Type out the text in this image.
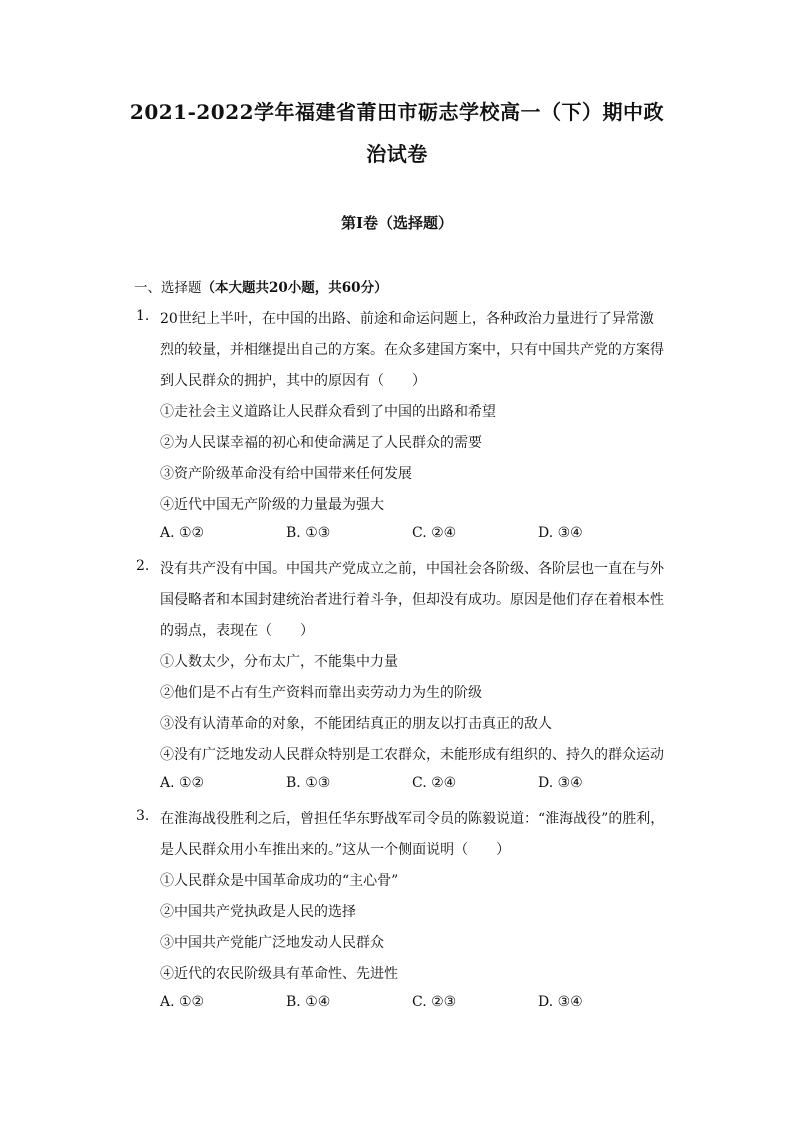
2021-2022学年福建省莆田市砺志学校高一（下）期中政
治试卷
第I卷（选择题）
一、选择题（本大题共20小题，共60分）
1. 20世纪上半叶，在中国的出路、前途和命运问题上，各种政治力量进行了异常激
烈的较量，并相继提出自己的方案。在众多建国方案中，只有中国共产党的方案得
到人民群众的拥护，其中的原因有（　　）
①走社会主义道路让人民群众看到了中国的出路和希望
②为人民谋幸福的初心和使命满足了人民群众的需要
③资产阶级革命没有给中国带来任何发展
④近代中国无产阶级的力量最为强大
A. ①②	B. ①③	C. ②④	D. ③④
2. 没有共产没有中国。中国共产党成立之前，中国社会各阶级、各阶层也一直在与外
国侵略者和本国封建统治者进行着斗争，但却没有成功。原因是他们存在着根本性
的弱点，表现在（　　）
①人数太少，分布太广，不能集中力量
②他们是不占有生产资料而靠出卖劳动力为生的阶级
③没有认清革命的对象，不能团结真正的朋友以打击真正的敌人
④没有广泛地发动人民群众特别是工农群众，未能形成有组织的、持久的群众运动
A. ①②	B. ①③	C. ②④	D. ③④
3. 在淮海战役胜利之后，曾担任华东野战军司令员的陈毅说道：“淮海战役”的胜利，
是人民群众用小车推出来的。”这从一个侧面说明（　　）
①人民群众是中国革命成功的“主心骨”
②中国共产党执政是人民的选择
③中国共产党能广泛地发动人民群众
④近代的农民阶级具有革命性、先进性
A. ①②	B. ①④	C. ②③	D. ③④
